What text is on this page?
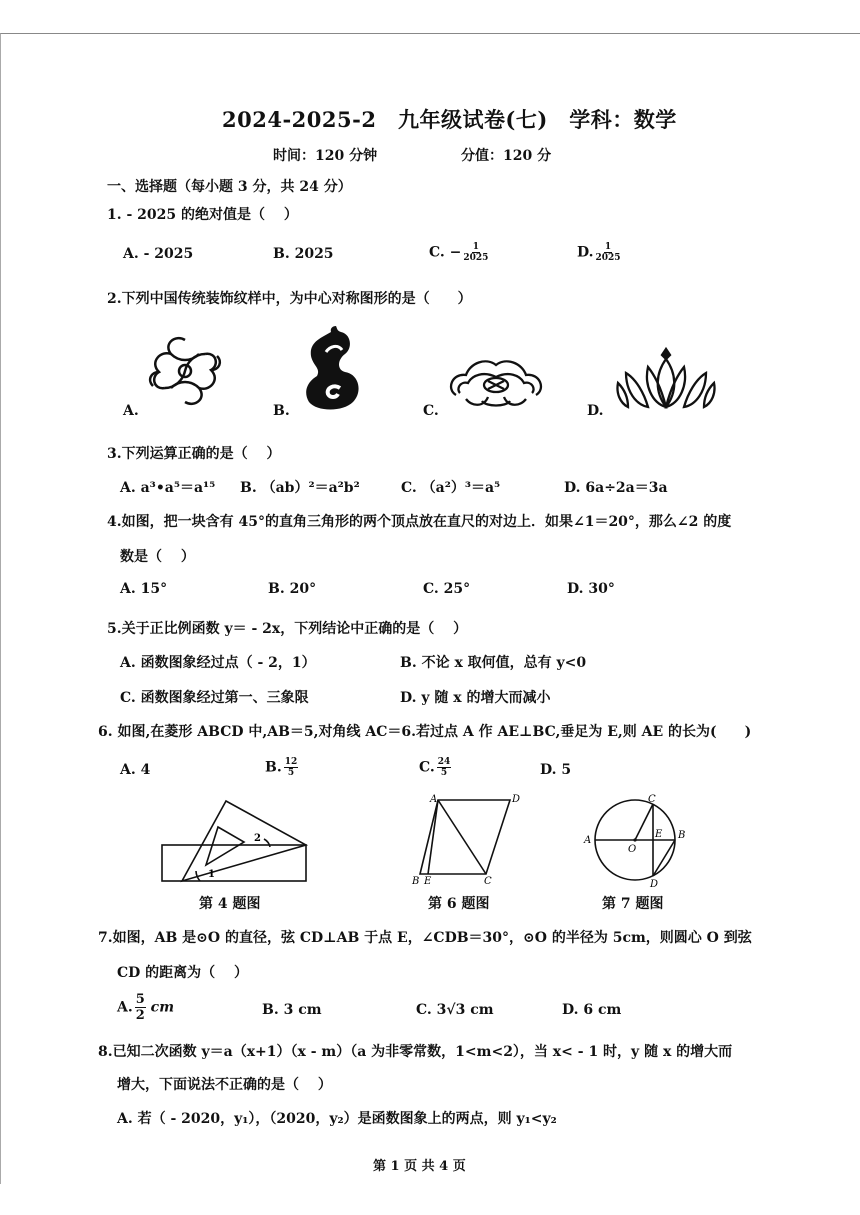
2024-2025-2　九年级试卷(七)　学科：数学
时间：120 分钟	分值：120 分
一、选择题（每小题 3 分，共 24 分）
1. - 2025 的绝对值是（　 ）
A. - 2025	B. 2025	C. − $\frac{1}{2025}$	D. $\frac{1}{2025}$
2.下列中国传统装饰纹样中，为中心对称图形的是（　　）
A.	B.	C.	D.
3.下列运算正确的是（　 ）
A. a³•a⁵＝a¹⁵ B. （ab）²＝a²b²	C. （a²）³＝a⁵	D. 6a÷2a＝3a
4.如图，把一块含有 45°的直角三角形的两个顶点放在直尺的对边上．如果∠1＝20°，那么∠2 的度
数是（　 ）
A. 15°	B. 20°	C. 25°	D. 30°
5.关于正比例函数 y＝ - 2x，下列结论中正确的是（　 ）
A. 函数图象经过点（ - 2，1）	B. 不论 x 取何值，总有 y<0
C. 函数图象经过第一、三象限	D. y 随 x 的增大而减小
6. 如图,在菱形 ABCD 中,AB＝5,对角线 AC＝6.若过点 A 作 AE⊥BC,垂足为 E,则 AE 的长为(　　)
A. 4	B. $\frac{12}{5}$	C. $\frac{24}{5}$	D. 5
1
2
第 4 题图
A	D
B E	C
第 6 题图
A
C
E B
O
D
第 7 题图
7.如图，AB 是⊙O 的直径，弦 CD⊥AB 于点 E，∠CDB＝30°，⊙O 的半径为 5cm，则圆心 O 到弦
CD 的距离为（　 ）
A. $\frac{5}{2}$ cm	B. 3 cm	C. 3√3 cm	D. 6 cm
8.已知二次函数 y＝a（x+1）（x - m）（a 为非零常数，1<m<2），当 x< - 1 时，y 随 x 的增大而
增大，下面说法不正确的是（　 ）
A. 若（ - 2020，y₁），（2020，y₂）是函数图象上的两点，则 y₁<y₂
第 1 页 共 4 页
